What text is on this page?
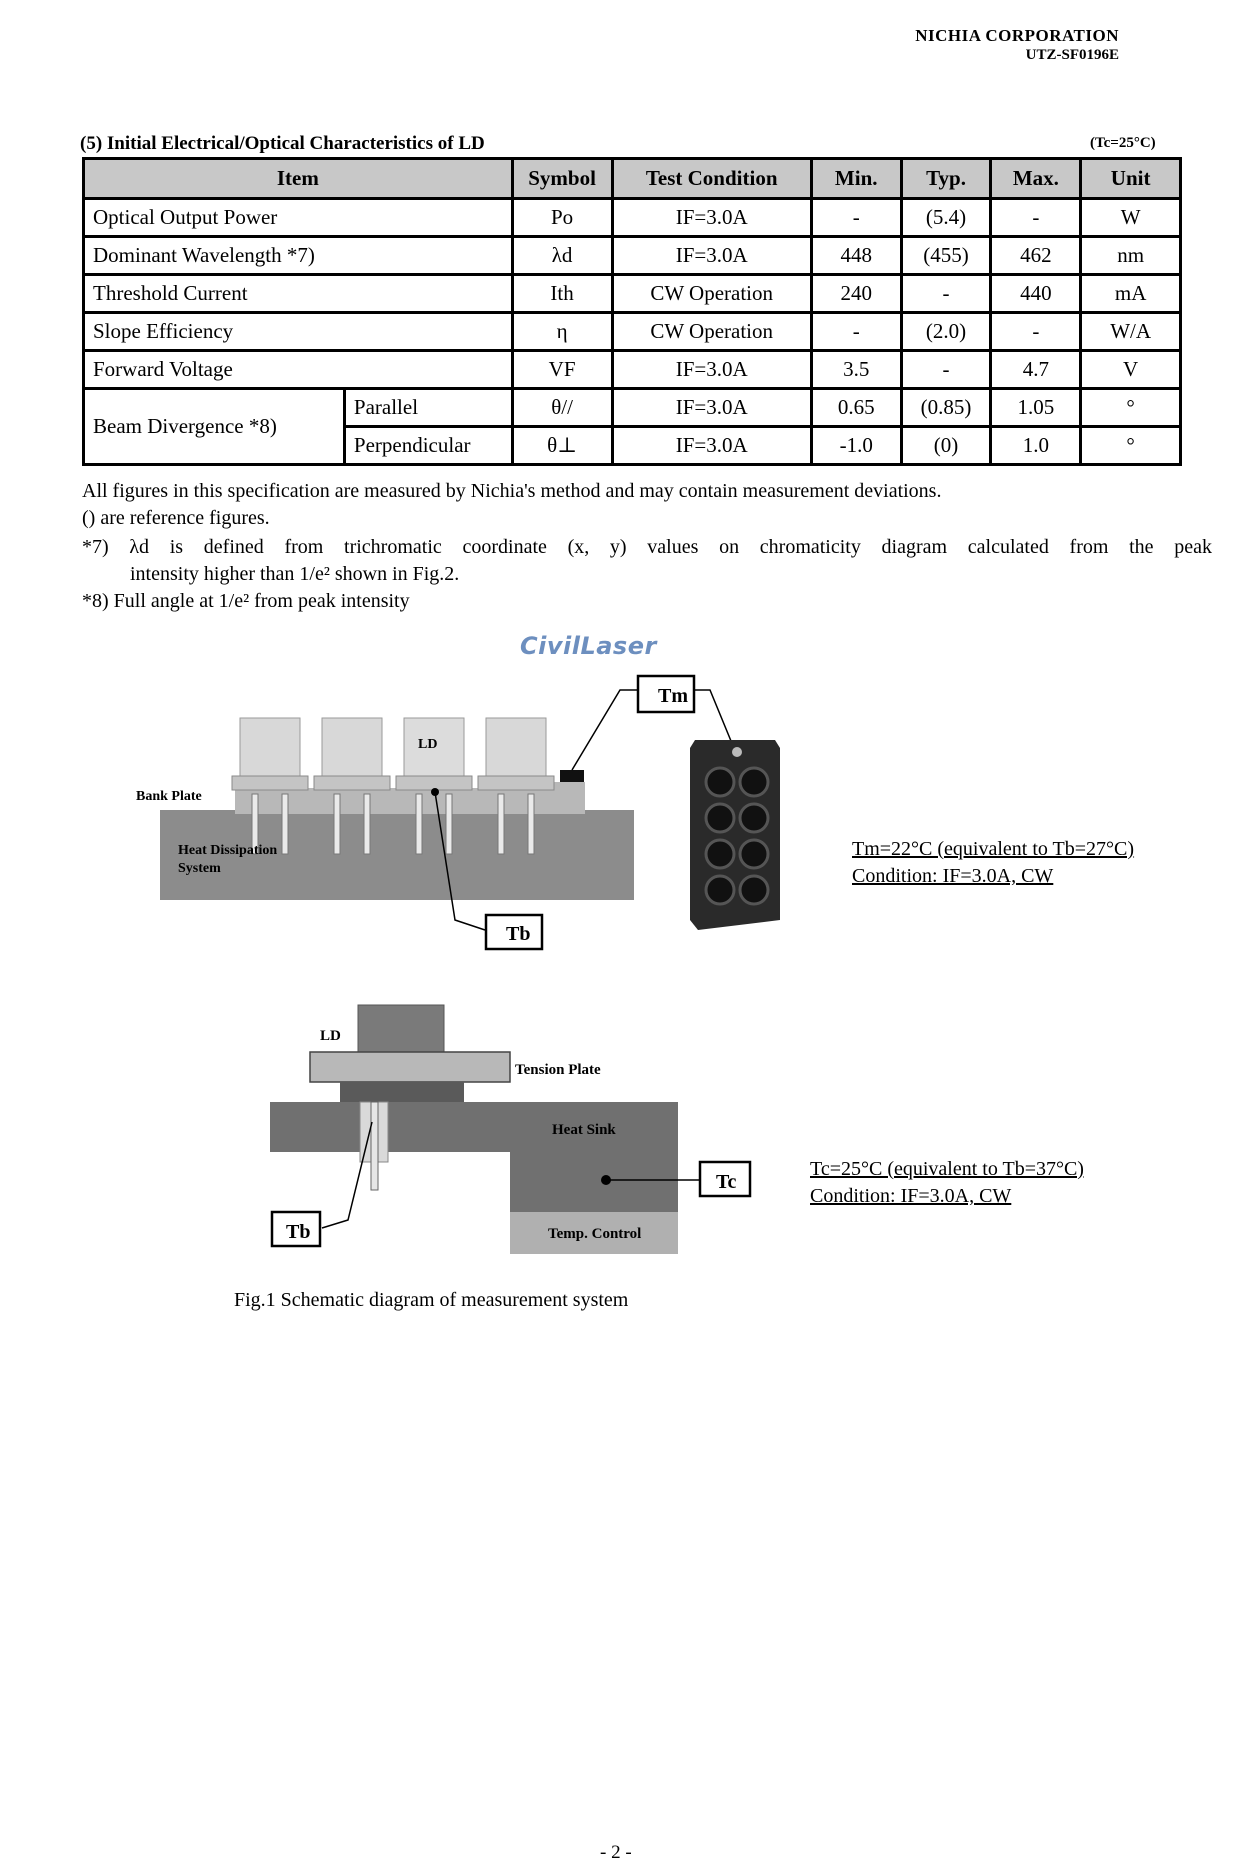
NICHIA CORPORATION
UTZ-SF0196E
(5) Initial Electrical/Optical Characteristics of LD	(Tc=25°C)
Item		Symbol	Test Condition	Min.	Typ.	Max.	Unit
Optical Output Power		Po	IF=3.0A	-	(5.4)	-	W
Dominant Wavelength *7)		λd	IF=3.0A	448	(455)	462	nm
Threshold Current		Ith	CW Operation	240	-	440	mA
Slope Efficiency		η	CW Operation	-	(2.0)	-	W/A
Forward Voltage		VF	IF=3.0A	3.5	-	4.7	V
Beam Divergence *8)	Parallel	θ//	IF=3.0A	0.65	(0.85)	1.05	°
	Perpendicular	θ⊥	IF=3.0A	-1.0	(0)	1.0	°
All figures in this specification are measured by Nichia's method and may contain measurement deviations.
() are reference figures.
*7) λd is defined from trichromatic coordinate (x, y) values on chromaticity diagram calculated from the peak
intensity higher than 1/e² shown in Fig.2.
*8) Full angle at 1/e² from peak intensity
CivilLaser
Tm
Tb
LD
Bank Plate
Heat Dissipation
System
Tm=22°C (equivalent to Tb=27°C)
Condition: IF=3.0A, CW
Tc
Tb
LD
Tension Plate
Heat Sink
Temp. Control
Tc=25°C (equivalent to Tb=37°C)
Condition: IF=3.0A, CW
Fig.1 Schematic diagram of measurement system
- 2 -
